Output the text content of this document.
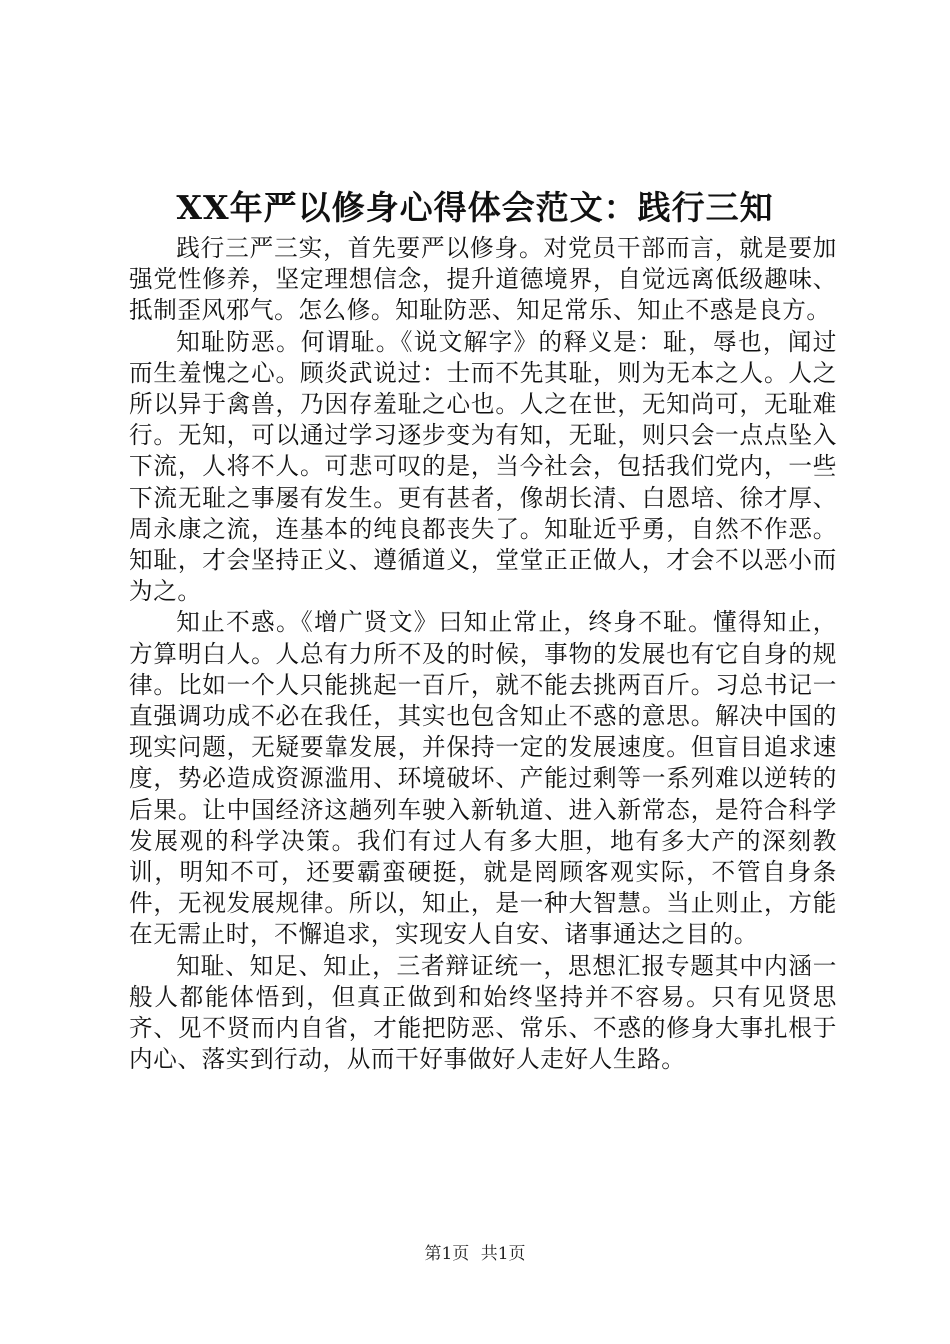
XX年严以修身心得体会范文：践行三知

践行三严三实，首先要严以修身。对党员干部而言，就是要加强党性修养，坚定理想信念，提升道德境界，自觉远离低级趣味、抵制歪风邪气。怎么修。知耻防恶、知足常乐、知止不惑是良方。

知耻防恶。何谓耻。《说文解字》的释义是：耻，辱也，闻过而生羞愧之心。顾炎武说过：士而不先其耻，则为无本之人。人之所以异于禽兽，乃因存羞耻之心也。人之在世，无知尚可，无耻难行。无知，可以通过学习逐步变为有知，无耻，则只会一点点坠入下流，人将不人。可悲可叹的是，当今社会，包括我们党内，一些下流无耻之事屡有发生。更有甚者，像胡长清、白恩培、徐才厚、周永康之流，连基本的纯良都丧失了。知耻近乎勇，自然不作恶。知耻，才会坚持正义、遵循道义，堂堂正正做人，才会不以恶小而为之。

知止不惑。《增广贤文》曰知止常止，终身不耻。懂得知止，方算明白人。人总有力所不及的时候，事物的发展也有它自身的规律。比如一个人只能挑起一百斤，就不能去挑两百斤。习总书记一直强调功成不必在我任，其实也包含知止不惑的意思。解决中国的现实问题，无疑要靠发展，并保持一定的发展速度。但盲目追求速度，势必造成资源滥用、环境破坏、产能过剩等一系列难以逆转的后果。让中国经济这趟列车驶入新轨道、进入新常态，是符合科学发展观的科学决策。我们有过人有多大胆，地有多大产的深刻教训，明知不可，还要霸蛮硬挺，就是罔顾客观实际，不管自身条件，无视发展规律。所以，知止，是一种大智慧。当止则止，方能在无需止时，不懈追求，实现安人自安、诸事通达之目的。

知耻、知足、知止，三者辩证统一，思想汇报专题其中内涵一般人都能体悟到，但真正做到和始终坚持并不容易。只有见贤思齐、见不贤而内自省，才能把防恶、常乐、不惑的修身大事扎根于内心、落实到行动，从而干好事做好人走好人生路。

第1页 共1页
